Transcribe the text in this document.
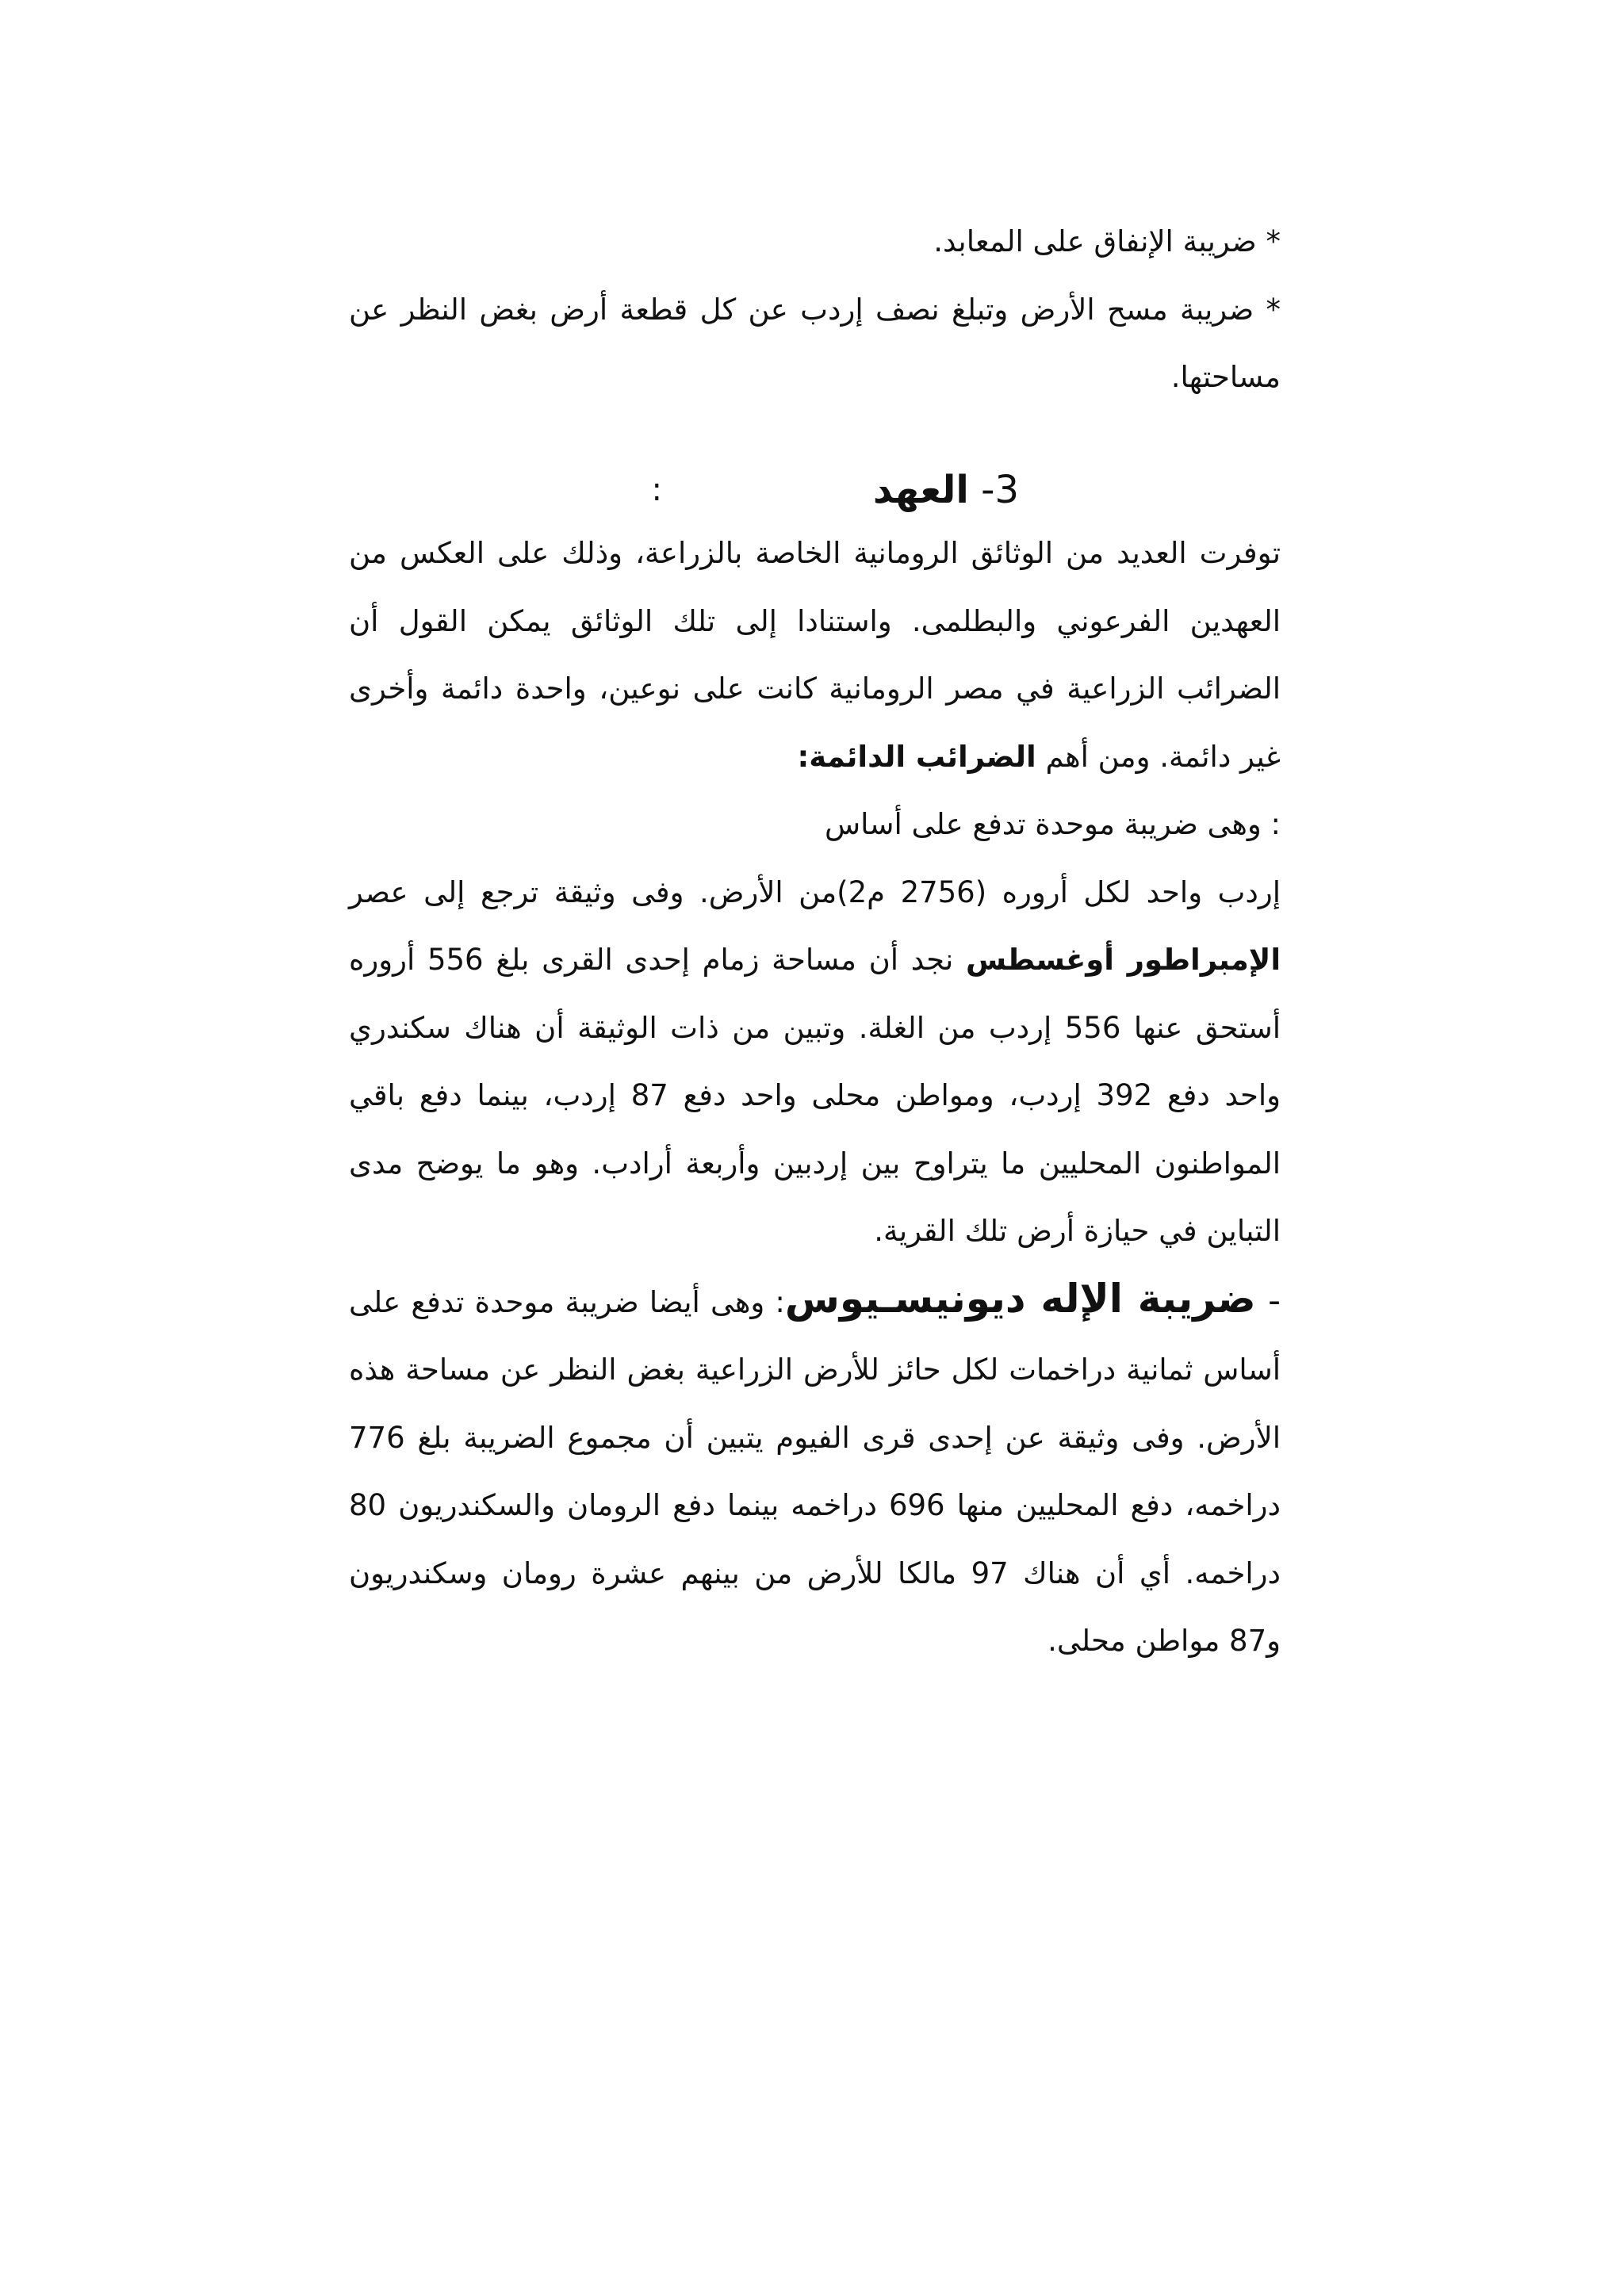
* ضريبة الإنفاق على المعابد.

* ضريبة مسح الأرض وتبلغ نصف إردب عن كل قطعة أرض بغض النظر عن مساحتها.

3- العهد
:

توفرت العديد من الوثائق الرومانية الخاصة بالزراعة، وذلك على العكس من العهدين الفرعوني والبطلمى. واستنادا إلى تلك الوثائق يمكن القول أن الضرائب الزراعية في مصر الرومانية كانت على نوعين، واحدة دائمة وأخرى غير دائمة. ومن أهم الضرائب الدائمة:

: وهى ضريبة موحدة تدفع على أساس

إردب واحد لكل أروره (2756 م2)من الأرض. وفى وثيقة ترجع إلى عصر الإمبراطور أوغسطس نجد أن مساحة زمام إحدى القرى بلغ 556 أروره أستحق عنها 556 إردب من الغلة. وتبين من ذات الوثيقة أن هناك سكندري واحد دفع 392 إردب، ومواطن محلى واحد دفع 87 إردب، بينما دفع باقي المواطنون المحليين ما يتراوح بين إردبين وأربعة أرادب. وهو ما يوضح مدى التباين في حيازة أرض تلك القرية.

- ضريبة الإله ديونيسـيوس: وهى أيضا ضريبة موحدة تدفع على أساس ثمانية دراخمات لكل حائز للأرض الزراعية بغض النظر عن مساحة هذه الأرض. وفى وثيقة عن إحدى قرى الفيوم يتبين أن مجموع الضريبة بلغ 776 دراخمه، دفع المحليين منها 696 دراخمه بينما دفع الرومان والسكندريون 80 دراخمه. أي أن هناك 97 مالكا للأرض من بينهم عشرة رومان وسكندريون و87 مواطن محلى.
